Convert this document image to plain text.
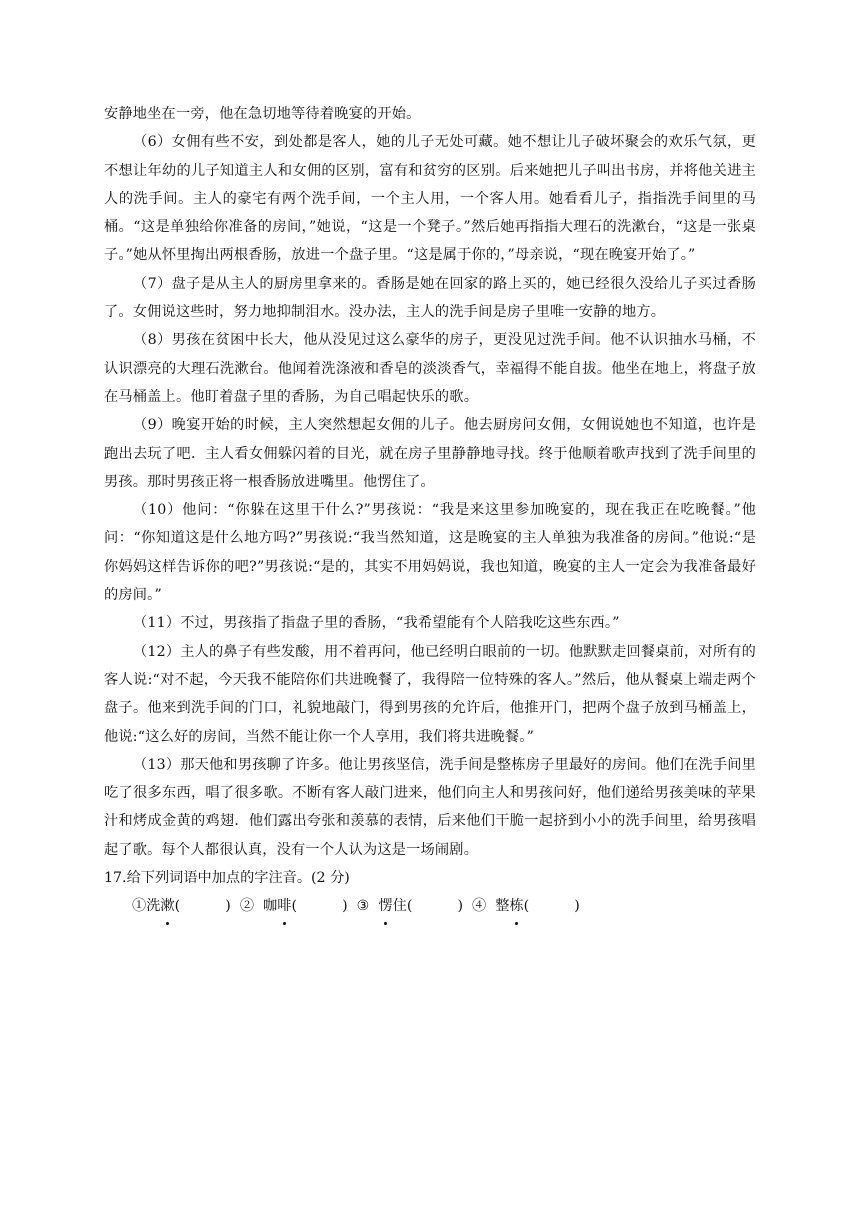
安静地坐在一旁，他在急切地等待着晚宴的开始。

（6）女佣有些不安，到处都是客人，她的儿子无处可藏。她不想让儿子破坏聚会的欢乐气氛，更不想让年幼的儿子知道主人和女佣的区别，富有和贫穷的区别。后来她把儿子叫出书房，并将他关进主人的洗手间。主人的豪宅有两个洗手间，一个主人用，一个客人用。她看看儿子，指指洗手间里的马桶。“这是单独给你准备的房间，”她说，“这是一个凳子。”然后她再指指大理石的洗漱台，“这是一张桌子。”她从怀里掏出两根香肠，放进一个盘子里。“这是属于你的，”母亲说，“现在晚宴开始了。”

（7）盘子是从主人的厨房里拿来的。香肠是她在回家的路上买的，她已经很久没给儿子买过香肠了。女佣说这些时，努力地抑制泪水。没办法，主人的洗手间是房子里唯一安静的地方。

（8）男孩在贫困中长大，他从没见过这么豪华的房子，更没见过洗手间。他不认识抽水马桶，不认识漂亮的大理石洗漱台。他闻着洗涤液和香皂的淡淡香气，幸福得不能自拔。他坐在地上，将盘子放在马桶盖上。他盯着盘子里的香肠，为自己唱起快乐的歌。

（9）晚宴开始的时候，主人突然想起女佣的儿子。他去厨房问女佣，女佣说她也不知道，也许是跑出去玩了吧．主人看女佣躲闪着的目光，就在房子里静静地寻找。终于他顺着歌声找到了洗手间里的男孩。那时男孩正将一根香肠放进嘴里。他愣住了。

（10）他问：“你躲在这里干什么?”男孩说：“我是来这里参加晚宴的，现在我正在吃晚餐。”他问：“你知道这是什么地方吗?”男孩说:“我当然知道，这是晚宴的主人单独为我准备的房间。”他说:“是你妈妈这样告诉你的吧?”男孩说:“是的，其实不用妈妈说，我也知道，晚宴的主人一定会为我准备最好的房间。”

（11）不过，男孩指了指盘子里的香肠，“我希望能有个人陪我吃这些东西。”

（12）主人的鼻子有些发酸，用不着再问，他已经明白眼前的一切。他默默走回餐桌前，对所有的客人说:“对不起，今天我不能陪你们共进晚餐了，我得陪一位特殊的客人。”然后，他从餐桌上端走两个盘子。他来到洗手间的门口，礼貌地敲门，得到男孩的允许后，他推开门，把两个盘子放到马桶盖上，他说:“这么好的房间，当然不能让你一个人享用，我们将共进晚餐。”

（13）那天他和男孩聊了许多。他让男孩坚信，洗手间是整栋房子里最好的房间。他们在洗手间里吃了很多东西，唱了很多歌。不断有客人敲门进来，他们向主人和男孩问好，他们递给男孩美味的苹果汁和烤成金黄的鸡翅．他们露出夸张和羡慕的表情，后来他们干脆一起挤到小小的洗手间里，给男孩唱起了歌。每个人都很认真，没有一个人认为这是一场闹剧。

17.给下列词语中加点的字注音。(2 分)

①洗漱(          ) ② 咖啡(          ) ③ 愣住(          ) ④ 整栋(          )
